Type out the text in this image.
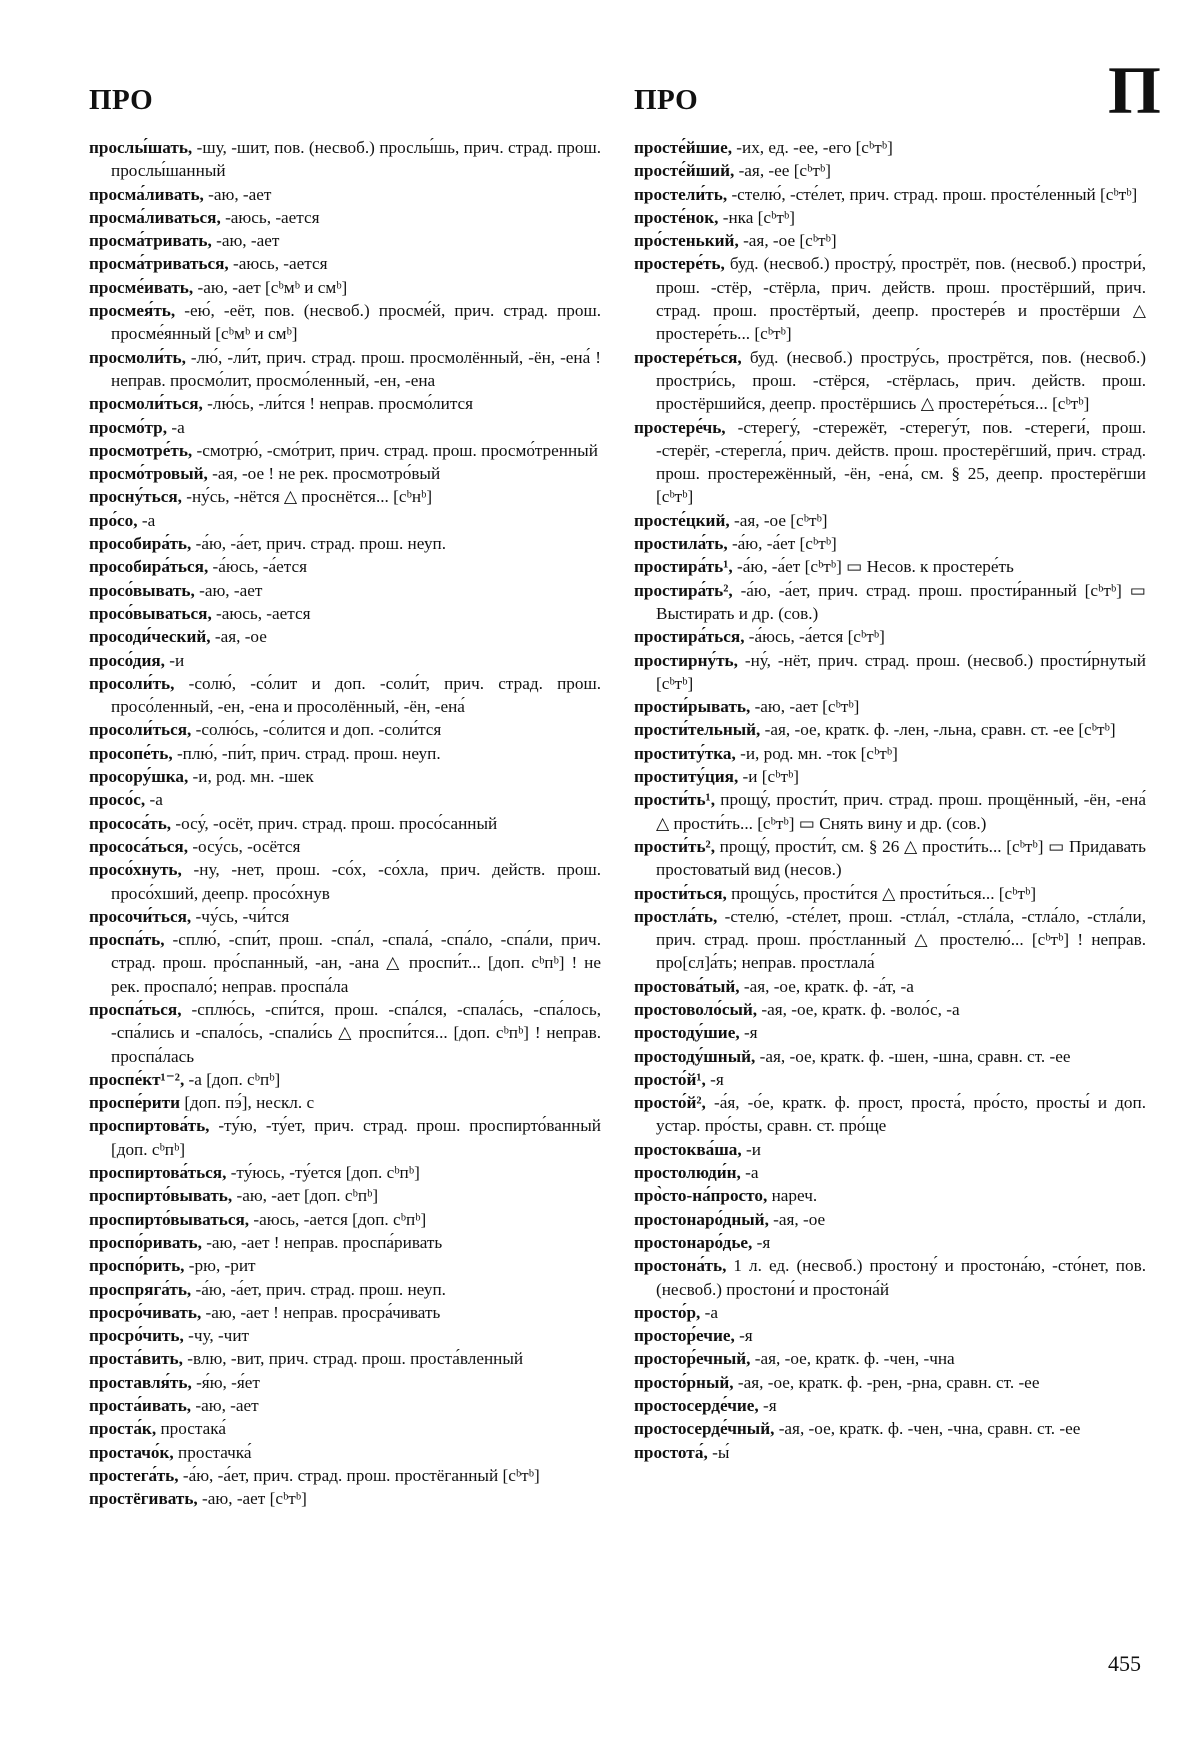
ПРО	ПРО	П

прослы́шать, -шу, -шит, пов. (несвоб.) прослы́шь, прич. страд. прош. прослы́шанный

просма́ливать, -аю, -ает

просма́ливаться, -аюсь, -ается

просма́тривать, -аю, -ает

просма́триваться, -аюсь, -ается

просме́ивать, -аю, -ает [сᵇмᵇ и смᵇ]

просмея́ть, -ею́, -еёт, пов. (несвоб.) просме́й, прич. страд. прош. просме́янный [сᵇмᵇ и смᵇ]

просмоли́ть, -лю́, -ли́т, прич. страд. прош. просмолённый, -ён, -ена́ ! неправ. просмо́лит, просмо́ленный, -ен, -ена

просмоли́ться, -лю́сь, -ли́тся ! неправ. просмо́лится

просмо́тр, -а

просмотре́ть, -смотрю́, -смо́трит, прич. страд. прош. просмо́тренный

просмо́тровый, -ая, -ое ! не рек. просмотро́вый

просну́ться, -ну́сь, -нётся △ проснётся... [сᵇнᵇ]

про́со, -а

прособира́ть, -а́ю, -а́ет, прич. страд. прош. неуп.

прособира́ться, -а́юсь, -а́ется

просо́вывать, -аю, -ает

просо́вываться, -аюсь, -ается

просоди́ческий, -ая, -ое

просо́дия, -и

просоли́ть, -солю́, -со́лит и доп. -соли́т, прич. страд. прош. просо́ленный, -ен, -ена и просолённый, -ён, -ена́

просоли́ться, -солю́сь, -со́лится и доп. -соли́тся

просопе́ть, -плю́, -пи́т, прич. страд. прош. неуп.

просору́шка, -и, род. мн. -шек

просо́с, -а

прососа́ть, -осу́, -осёт, прич. страд. прош. просо́санный

прососа́ться, -осу́сь, -осётся

просо́хнуть, -ну, -нет, прош. -со́х, -со́хла, прич. действ. прош. просо́хший, деепр. просо́хнув

просочи́ться, -чу́сь, -чи́тся

проспа́ть, -сплю́, -спи́т, прош. -спа́л, -спала́, -спа́ло, -спа́ли, прич. страд. прош. про́спанный, -ан, -ана △ проспи́т... [доп. сᵇпᵇ] ! не рек. проспало́; неправ. проспа́ла

проспа́ться, -сплю́сь, -спи́тся, прош. -спа́лся, -спала́сь, -спа́лось, -спа́лись и -спало́сь, -спали́сь △ проспи́тся... [доп. сᵇпᵇ] ! неправ. проспа́лась

проспе́кт¹⁻², -а [доп. сᵇпᵇ]

проспе́рити [доп. пэ́], нескл. с

проспиртова́ть, -ту́ю, -ту́ет, прич. страд. прош. проспирто́ванный [доп. сᵇпᵇ]

проспиртова́ться, -ту́юсь, -ту́ется [доп. сᵇпᵇ]

проспирто́вывать, -аю, -ает [доп. сᵇпᵇ]

проспирто́вываться, -аюсь, -ается [доп. сᵇпᵇ]

проспо́ривать, -аю, -ает ! неправ. проспа́ривать

проспо́рить, -рю, -рит

проспряга́ть, -а́ю, -а́ет, прич. страд. прош. неуп.

просро́чивать, -аю, -ает ! неправ. просра́чивать

просро́чить, -чу, -чит

проста́вить, -влю, -вит, прич. страд. прош. проста́вленный

проставля́ть, -я́ю, -я́ет

проста́ивать, -аю, -ает

проста́к, простака́

простачо́к, простачка́

простега́ть, -а́ю, -а́ет, прич. страд. прош. простёганный [сᵇтᵇ]

простёгивать, -аю, -ает [сᵇтᵇ]

просте́йшие, -их, ед. -ее, -его [сᵇтᵇ]

просте́йший, -ая, -ее [сᵇтᵇ]

простели́ть, -стелю́, -сте́лет, прич. страд. прош. просте́ленный [сᵇтᵇ]

просте́нок, -нка [сᵇтᵇ]

про́стенький, -ая, -ое [сᵇтᵇ]

простере́ть, буд. (несвоб.) простру́, прострёт, пов. (несвоб.) простри́, прош. -стёр, -стёрла, прич. действ. прош. простёрший, прич. страд. прош. простёртый, деепр. простере́в и простёрши △ простере́ть... [сᵇтᵇ]

простере́ться, буд. (несвоб.) простру́сь, прострётся, пов. (несвоб.) простри́сь, прош. -стёрся, -стёрлась, прич. действ. прош. простёршийся, деепр. простёршись △ простере́ться... [сᵇтᵇ]

простере́чь, -стерегу́, -стережёт, -стерегу́т, пов. -стереги́, прош. -стерёг, -стерегла́, прич. действ. прош. простерёгший, прич. страд. прош. простережённый, -ён, -ена́, см. § 25, деепр. простерёгши [сᵇтᵇ]

просте́цкий, -ая, -ое [сᵇтᵇ]

простила́ть, -а́ю, -а́ет [сᵇтᵇ]

простира́ть¹, -а́ю, -а́ет [сᵇтᵇ] ▭ Несов. к простере́ть

простира́ть², -а́ю, -а́ет, прич. страд. прош. прости́ранный [сᵇтᵇ] ▭ Выстирать и др. (сов.)

простира́ться, -а́юсь, -а́ется [сᵇтᵇ]

простирну́ть, -ну́, -нёт, прич. страд. прош. (несвоб.) прости́рнутый [сᵇтᵇ]

прости́рывать, -аю, -ает [сᵇтᵇ]

прости́тельный, -ая, -ое, кратк. ф. -лен, -льна, сравн. ст. -ее [сᵇтᵇ]

проститу́тка, -и, род. мн. -ток [сᵇтᵇ]

проститу́ция, -и [сᵇтᵇ]

прости́ть¹, прощу́, прости́т, прич. страд. прош. прощённый, -ён, -ена́ △ прости́ть... [сᵇтᵇ] ▭ Снять вину и др. (сов.)

прости́ть², прощу́, прости́т, см. § 26 △ прости́ть... [сᵇтᵇ] ▭ Придавать простоватый вид (несов.)

прости́ться, прощу́сь, прости́тся △ прости́ться... [сᵇтᵇ]

простла́ть, -стелю́, -сте́лет, прош. -стла́л, -стла́ла, -стла́ло, -стла́ли, прич. страд. прош. про́стланный △ простелю́... [сᵇтᵇ] ! неправ. про[сл]а́ть; неправ. простлала́

простова́тый, -ая, -ое, кратк. ф. -а́т, -а

простоволо́сый, -ая, -ое, кратк. ф. -воло́с, -а

простоду́шие, -я

простоду́шный, -ая, -ое, кратк. ф. -шен, -шна, сравн. ст. -ее

просто́й¹, -я

просто́й², -а́я, -о́е, кратк. ф. прост, проста́, про́сто, просты́ и доп. устар. про́сты, сравн. ст. про́ще

простоква́ша, -и

простолюди́н, -а

про̀сто-на́просто, нареч.

простонаро́дный, -ая, -ое

простонаро́дье, -я

простона́ть, 1 л. ед. (несвоб.) простону́ и простона́ю, -сто́нет, пов. (несвоб.) простони́ и простона́й

просто́р, -а

простор́ечие, -я

простор́ечный, -ая, -ое, кратк. ф. -чен, -чна

просто́рный, -ая, -ое, кратк. ф. -рен, -рна, сравн. ст. -ее

простосерде́чие, -я

простосерде́чный, -ая, -ое, кратк. ф. -чен, -чна, сравн. ст. -ее

простота́, -ы́

455
